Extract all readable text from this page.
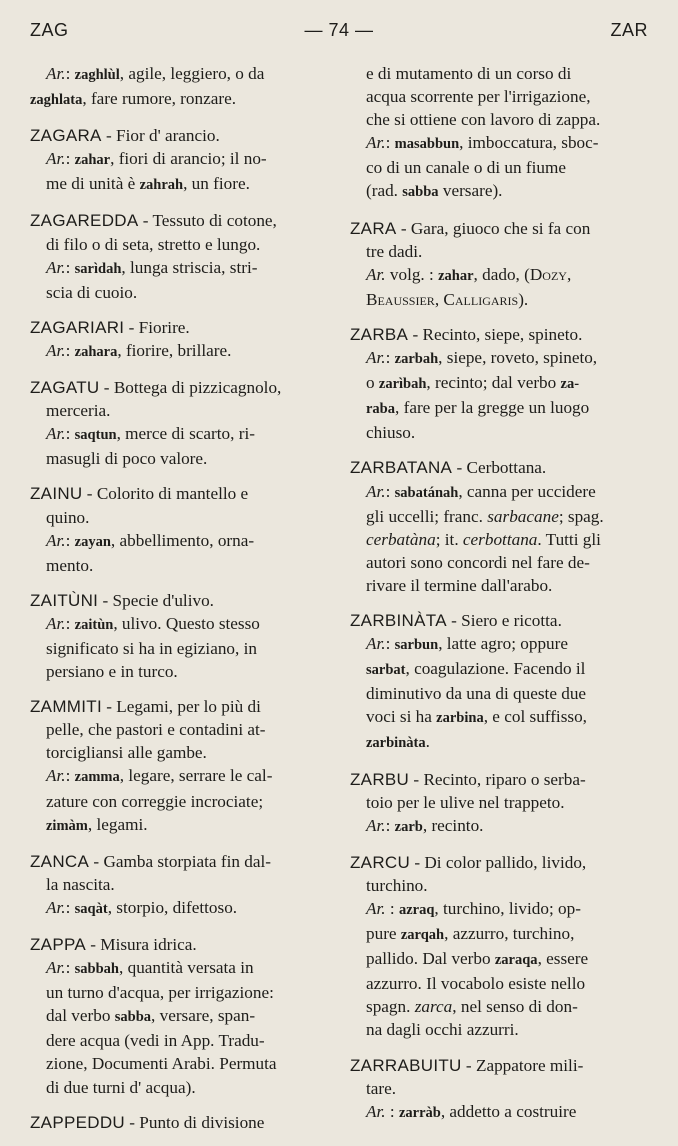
ZAG	— 74 —	ZAR
Ar.: zaghlùl, agile, leggiero, o da
zaghlata, fare rumore, ronzare.
ZAGARA - Fior d' arancio.
Ar.: zahar, fiori di arancio; il no-
me di unità è zahrah, un fiore.
ZAGAREDDA - Tessuto di cotone,
di filo o di seta, stretto e lungo.
Ar.: sarìdah, lunga striscia, stri-
scia di cuoio.
ZAGARIARI - Fiorire.
Ar.: zahara, fiorire, brillare.
ZAGATU - Bottega di pizzicagnolo,
merceria.
Ar.: saqtun, merce di scarto, ri-
masugli di poco valore.
ZAINU - Colorito di mantello e
quino.
Ar.: zayan, abbellimento, orna-
mento.
ZAITÙNI - Specie d'ulivo.
Ar.: zaitùn, ulivo. Questo stesso
significato si ha in egiziano, in
persiano e in turco.
ZAMMITI - Legami, per lo più di
pelle, che pastori e contadini at-
torcigliansi alle gambe.
Ar.: zamma, legare, serrare le cal-
zature con correggie incrociate;
zimàm, legami.
ZANCA - Gamba storpiata fin dal-
la nascita.
Ar.: saqàt, storpio, difettoso.
ZAPPA - Misura idrica.
Ar.: sabbah, quantità versata in
un turno d'acqua, per irrigazione:
dal verbo sabba, versare, span-
dere acqua (vedi in App. Tradu-
zione, Documenti Arabi. Permuta
di due turni d' acqua).
ZAPPEDDU - Punto di divisione
e di mutamento di un corso di
acqua scorrente per l'irrigazione,
che si ottiene con lavoro di zappa.
Ar.: masabbun, imboccatura, sboc-
co di un canale o di un fiume
(rad. sabba versare).
ZARA - Gara, giuoco che si fa con
tre dadi.
Ar. volg. : zahar, dado, (Dozy,
Beaussier, Calligaris).
ZARBA - Recinto, siepe, spineto.
Ar.: zarbah, siepe, roveto, spineto,
o zarìbah, recinto; dal verbo za-
raba, fare per la gregge un luogo
chiuso.
ZARBATANA - Cerbottana.
Ar.: sabatánah, canna per uccidere
gli uccelli; franc. sarbacane; spag.
cerbatàna; it. cerbottana. Tutti gli
autori sono concordi nel fare de-
rivare il termine dall'arabo.
ZARBINÀTA - Siero e ricotta.
Ar.: sarbun, latte agro; oppure
sarbat, coagulazione. Facendo il
diminutivo da una di queste due
voci si ha zarbina, e col suffisso,
zarbinàta.
ZARBU - Recinto, riparo o serba-
toio per le ulive nel trappeto.
Ar.: zarb, recinto.
ZARCU - Di color pallido, livido,
turchino.
Ar. : azraq, turchino, livido; op-
pure zarqah, azzurro, turchino,
pallido. Dal verbo zaraqa, essere
azzurro. Il vocabolo esiste nello
spagn. zarca, nel senso di don-
na dagli occhi azzurri.
ZARRABUITU - Zappatore mili-
tare.
Ar. : zarràb, addetto a costruire
